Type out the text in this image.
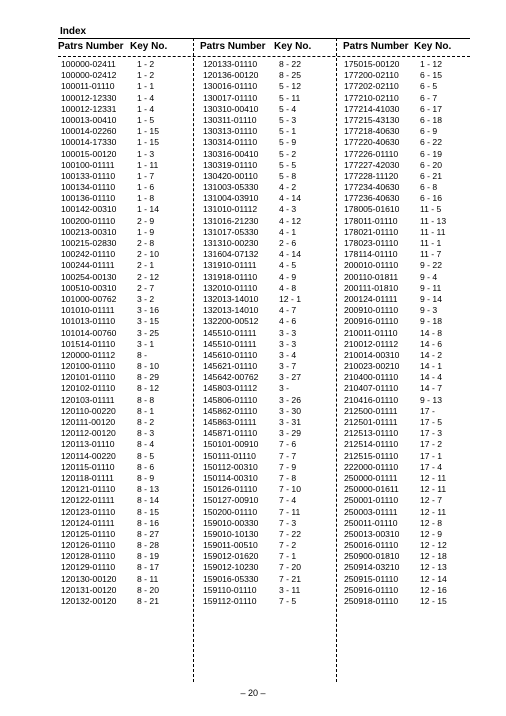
Index
Patrs Number Key No.	Patrs Number Key No.	Patrs Number Key No.
100000-02411 1 - 2
100000-02412 1 - 2
100011-01110	1 - 1
100012-12330 1 - 4
100012-12331 1 - 4
100013-00410 1 - 5
100014-02260 1 - 15
100014-17330 1 - 15
100015-00120 1 - 3
100100-01111	1 - 11
100133-01110	1 - 7
100134-01110	1 - 6
100136-01110	1 - 8
100142-00310 1 - 14
100200-01110	2 - 9
100213-00310 1 - 9
100215-02830 2 - 8
100242-01110	2 - 10
100244-01111	2 - 1
100254-00130 2 - 12
100510-00310 2 - 7
101000-00762 3 - 2
101010-01111	3 - 16
101013-01110	3 - 15
101014-00760 3 - 25
101514-01110	3 - 1
120000-01112	8 -
120100-01110	8 - 10
120101-01110	8 - 29
120102-01110	8 - 12
120103-01111	8 - 8
120110-00220 8 - 1
120111-00120	8 - 2
120112-00120 8 - 3
120113-01110	8 - 4
120114-00220 8 - 5
120115-01110	8 - 6
120118-01111	8 - 9
120121-01110	8 - 13
120122-01111	8 - 14
120123-01110	8 - 15
120124-01111	8 - 16
120125-01110	8 - 27
120126-01110	8 - 28
120128-01110	8 - 19
120129-01110	8 - 17
120130-00120 8 - 11
120131-00120 8 - 20
120132-00120 8 - 21
120133-01110	8 - 22
120136-00120 8 - 25
130016-01110	5 - 12
130017-01110	5 - 11
130310-00410 5 - 4
130311-01110	5 - 3
130313-01110	5 - 1
130314-01110	5 - 9
130316-00410 5 - 2
130319-01110	5 - 5
130420-00110 5 - 8
131003-05330 4 - 2
131004-03910 4 - 14
131010-01112	4 - 3
131016-21230 4 - 12
131017-05330 4 - 1
131310-00230 2 - 6
131604-07132 4 - 14
131910-01111	4 - 5
131918-01110	4 - 9
132010-01110	4 - 8
132013-14010 12 - 1
132013-14010 4 - 7
132200-00512 4 - 6
145510-01111	3 - 3
145510-01111	3 - 3
145610-01110	3 - 4
145621-01110	3 - 7
145642-00762 3 - 27
145803-01112	3 -
145806-01110	3 - 26
145862-01110	3 - 30
145863-01111	3 - 31
145871-01110	3 - 29
150101-00910 7 - 6
150111-01110	7 - 7
150112-00310 7 - 9
150114-00310 7 - 8
150126-01110	7 - 10
150127-00910 7 - 4
150200-01110	7 - 11
159010-00330 7 - 3
159010-10130 7 - 22
159011-00510 7 - 2
159012-01620 7 - 1
159012-10230 7 - 20
159016-05330 7 - 21
159110-01110	3 - 11
159112-01110	7 - 5
175015-00120 1 - 12
177200-02110 6 - 15
177202-02110 6 - 5
177210-02110 6 - 7
177214-41030 6 - 17
177215-43130 6 - 18
177218-40630 6 - 9
177220-40630 6 - 22
177226-01110	6 - 19
177227-42030 6 - 20
177228-11120	6 - 21
177234-40630 6 - 8
177236-40630 6 - 16
178005-01610 11 - 5
178011-01110	11 - 13
178021-01110	11 - 11
178023-01110	11 - 1
178114-01110	11 - 7
200010-01110	9 - 22
200110-01811	9 - 4
200111-01810	9 - 11
200124-01111	9 - 14
200910-01110	9 - 3
200916-01110	9 - 18
210011-01110	14 - 8
210012-01112	14 - 6
210014-00310 14 - 2
210023-00210 14 - 1
210400-01110	14 - 4
210407-01110	14 - 7
210416-01110	9 - 13
212500-01111	17 -
212501-01111	17 - 5
212513-01110	17 - 3
212514-01110	17 - 2
212515-01110	17 - 1
222000-01110	17 - 4
250000-01111	12 - 11
250000-01611 12 - 11
250001-01110	12 - 7
250003-01111	12 - 11
250011-01110	12 - 8
250013-00310 12 - 9
250016-01110	12 - 12
250900-01810 12 - 18
250914-03210 12 - 13
250915-01110	12 - 14
250916-01110	12 - 16
250918-01110	12 - 15
– 20 –
